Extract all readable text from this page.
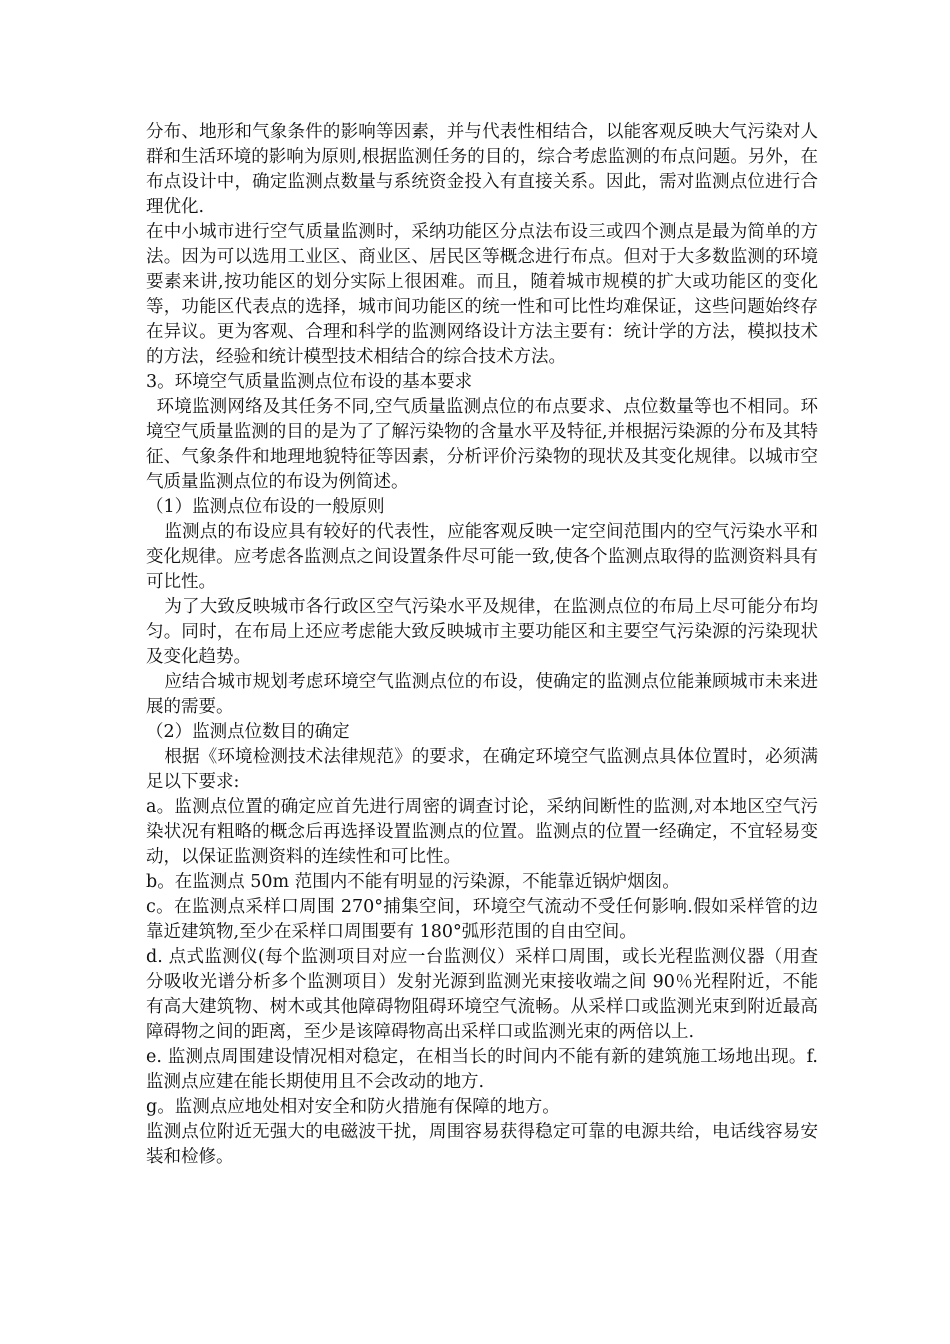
分布、地形和气象条件的影响等因素，并与代表性相结合，以能客观反映大气污染对人群和生活环境的影响为原则,根据监测任务的目的，综合考虑监测的布点问题。另外，在布点设计中，确定监测点数量与系统资金投入有直接关系。因此，需对监测点位进行合理优化.

在中小城市进行空气质量监测时，采纳功能区分点法布设三或四个测点是最为简单的方法。因为可以选用工业区、商业区、居民区等概念进行布点。但对于大多数监测的环境要素来讲,按功能区的划分实际上很困难。而且，随着城市规模的扩大或功能区的变化等，功能区代表点的选择，城市间功能区的统一性和可比性均难保证，这些问题始终存在异议。更为客观、合理和科学的监测网络设计方法主要有：统计学的方法，模拟技术的方法，经验和统计模型技术相结合的综合技术方法。

3。环境空气质量监测点位布设的基本要求

环境监测网络及其任务不同,空气质量监测点位的布点要求、点位数量等也不相同。环境空气质量监测的目的是为了了解污染物的含量水平及特征,并根据污染源的分布及其特征、气象条件和地理地貌特征等因素，分析评价污染物的现状及其变化规律。以城市空气质量监测点位的布设为例简述。

（1）监测点位布设的一般原则

监测点的布设应具有较好的代表性，应能客观反映一定空间范围内的空气污染水平和变化规律。应考虑各监测点之间设置条件尽可能一致,使各个监测点取得的监测资料具有可比性。

为了大致反映城市各行政区空气污染水平及规律，在监测点位的布局上尽可能分布均匀。同时，在布局上还应考虑能大致反映城市主要功能区和主要空气污染源的污染现状及变化趋势。

应结合城市规划考虑环境空气监测点位的布设，使确定的监测点位能兼顾城市未来进展的需要。

（2）监测点位数目的确定

根据《环境检测技术法律规范》的要求，在确定环境空气监测点具体位置时，必须满足以下要求:

a。监测点位置的确定应首先进行周密的调查讨论，采纳间断性的监测,对本地区空气污染状况有粗略的概念后再选择设置监测点的位置。监测点的位置一经确定，不宜轻易变动，以保证监测资料的连续性和可比性。

b。在监测点 50m 范围内不能有明显的污染源，不能靠近锅炉烟囱。

c。在监测点采样口周围 270°捕集空间，环境空气流动不受任何影响.假如采样管的边靠近建筑物,至少在采样口周围要有 180°弧形范围的自由空间。

d. 点式监测仪(每个监测项目对应一台监测仪）采样口周围，或长光程监测仪器（用查分吸收光谱分析多个监测项目）发射光源到监测光束接收端之间 90％光程附近，不能有高大建筑物、树木或其他障碍物阻碍环境空气流畅。从采样口或监测光束到附近最高障碍物之间的距离，至少是该障碍物高出采样口或监测光束的两倍以上.

e. 监测点周围建设情况相对稳定，在相当长的时间内不能有新的建筑施工场地出现。f. 监测点应建在能长期使用且不会改动的地方.

g。监测点应地处相对安全和防火措施有保障的地方。

监测点位附近无强大的电磁波干扰，周围容易获得稳定可靠的电源共给，电话线容易安装和检修。
